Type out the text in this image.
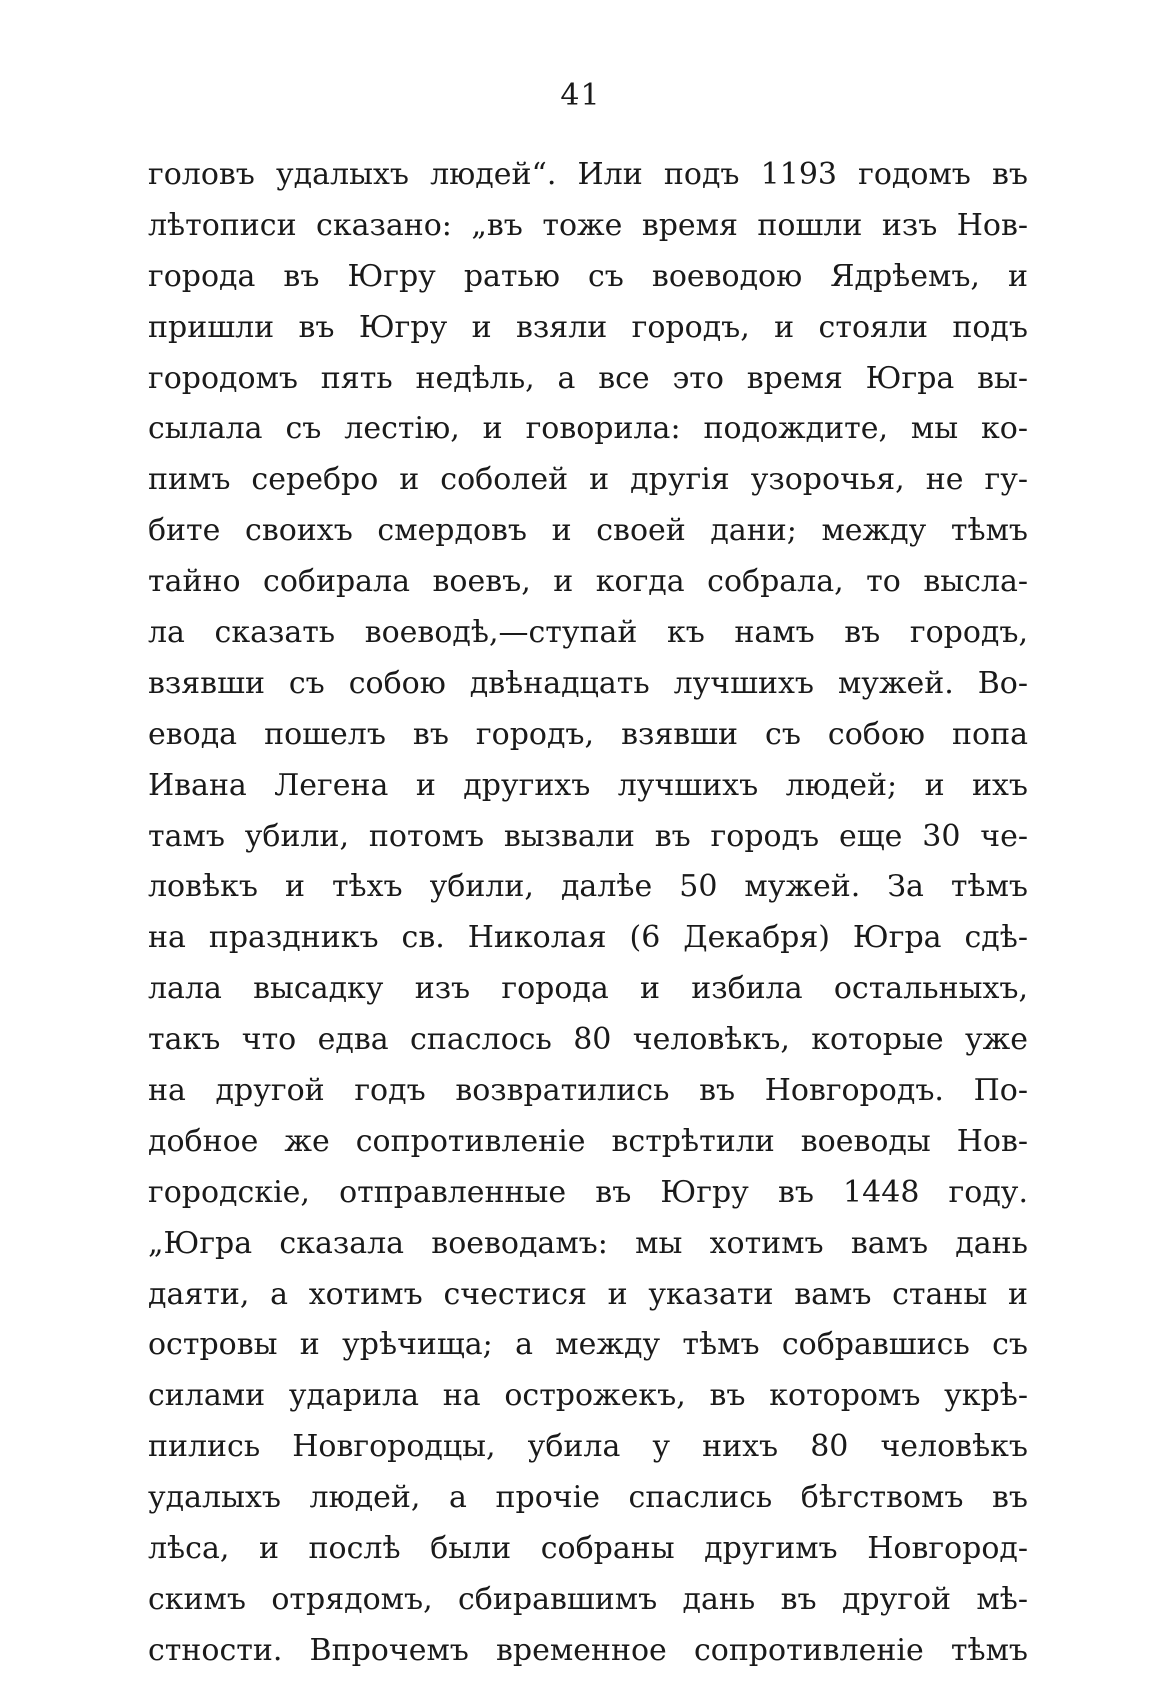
41
головъ удалыхъ людей“. Или подъ 1193 годомъ въ
лѣтописи сказано: „въ тоже время пошли изъ Нов-
города въ Югру ратью съ воеводою Ядрѣемъ, и
пришли въ Югру и взяли городъ, и стояли подъ
городомъ пять недѣль, а все это время Югра вы-
сылала съ лестію, и говорила: подождите, мы ко-
пимъ серебро и соболей и другія узорочья, не гу-
бите своихъ смердовъ и своей дани; между тѣмъ
тайно собирала воевъ, и когда собрала, то высла-
ла сказать воеводѣ,—ступай къ намъ въ городъ,
взявши съ собою двѣнадцать лучшихъ мужей. Во-
евода пошелъ въ городъ, взявши съ собою попа
Ивана Легена и другихъ лучшихъ людей; и ихъ
тамъ убили, потомъ вызвали въ городъ еще 30 че-
ловѣкъ и тѣхъ убили, далѣе 50 мужей. За тѣмъ
на праздникъ св. Николая (6 Декабря) Югра сдѣ-
лала высадку изъ города и избила остальныхъ,
такъ что едва спаслось 80 человѣкъ, которые уже
на другой годъ возвратились въ Новгородъ. По-
добное же сопротивленіе встрѣтили воеводы Нов-
городскіе, отправленные въ Югру въ 1448 году.
„Югра сказала воеводамъ: мы хотимъ вамъ дань
даяти, а хотимъ счестися и указати вамъ станы и
островы и урѣчища; а между тѣмъ собравшись съ
силами ударила на острожекъ, въ которомъ укрѣ-
пились Новгородцы, убила у нихъ 80 человѣкъ
удалыхъ людей, а прочіе спаслись бѣгствомъ въ
лѣса, и послѣ были собраны другимъ Новгород-
скимъ отрядомъ, сбиравшимъ дань въ другой мѣ-
стности. Впрочемъ временное сопротивленіе тѣмъ
